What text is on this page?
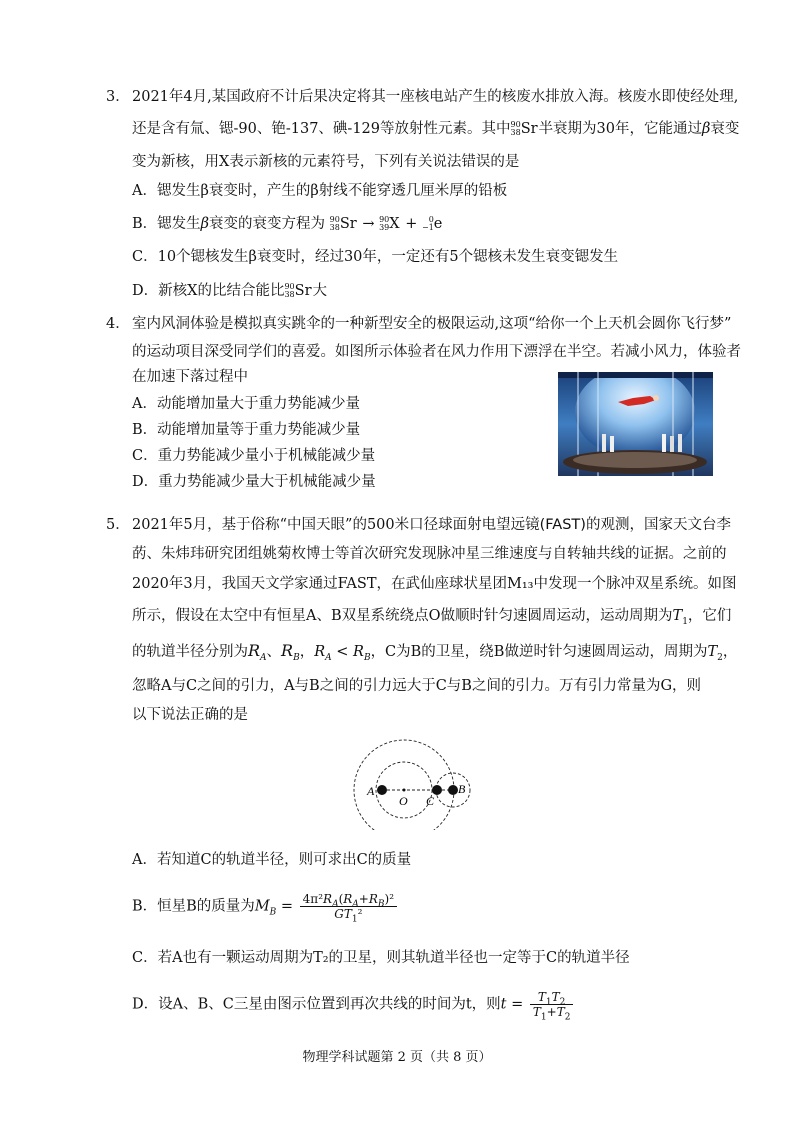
3． 2021年4月,某国政府不计后果决定将其一座核电站产生的核废水排放入海。核废水即使经处理,
还是含有氚、锶-90、铯-137、碘-129等放射性元素。其中 90
38 Sr半衰期为30年，它能通过β衰变
变为新核，用X表示新核的元素符号，下列有关说法错误的是
A．锶发生β衰变时，产生的β射线不能穿透几厘米厚的铅板
B．锶发生β衰变的衰变方程为 90
38 Sr → 90
39 X +	0
−1 e
C．10个锶核发生β衰变时，经过30年，一定还有5个锶核未发生衰变锶发生
D．新核X的比结合能比 90
38 Sr大
4． 室内风洞体验是模拟真实跳伞的一种新型安全的极限运动,这项“给你一个上天机会圆你飞行梦”
的运动项目深受同学们的喜爱。如图所示体验者在风力作用下漂浮在半空。若减小风力，体验者
在加速下落过程中
A．动能增加量大于重力势能减少量
B．动能增加量等于重力势能减少量
C．重力势能减少量小于机械能减少量
D．重力势能减少量大于机械能减少量
5． 2021年5月，基于俗称“中国天眼”的500米口径球面射电望远镜(FAST)的观测，国家天文台李
菂、朱炜玮研究团组姚菊枚博士等首次研究发现脉冲星三维速度与自转轴共线的证据。之前的
2020年3月，我国天文学家通过FAST，在武仙座球状星团M₁₃中发现一个脉冲双星系统。如图
所示，假设在太空中有恒星A、B双星系统绕点O做顺时针匀速圆周运动，运动周期为$T_1$，它们
的轨道半径分别为$R_A$、$R_B$，$R_A < R_B$，C为B的卫星，绕B做逆时针匀速圆周运动，周期为$T_2$，
忽略A与C之间的引力，A与B之间的引力远大于C与B之间的引力。万有引力常量为G，则
以下说法正确的是
A
O C
B
A．若知道C的轨道半径，则可求出C的质量
B．恒星B的质量为$M_B = \frac{4\pi^2R_A(R_A+R_B)^2}{GT_1^2}$
C．若A也有一颗运动周期为T₂的卫星，则其轨道半径也一定等于C的轨道半径
D．设A、B、C三星由图示位置到再次共线的时间为t，则$t = \frac{T_1T_2}{T_1+T_2}$
物理学科试题第 2 页（共 8 页）
